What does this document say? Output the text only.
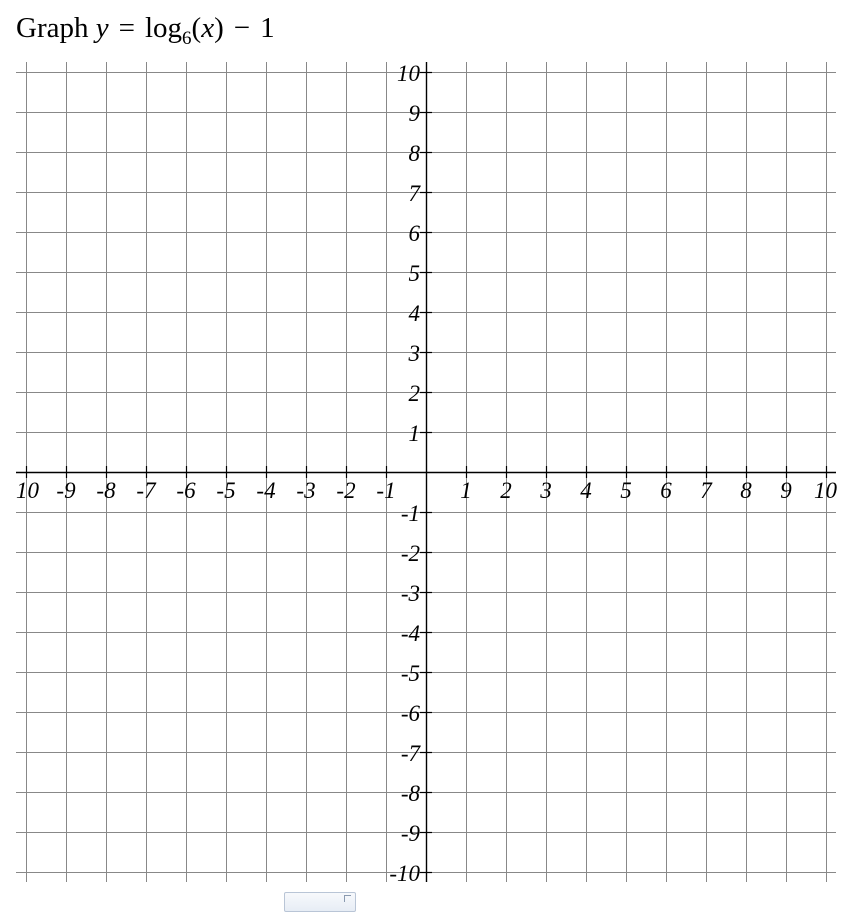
Graph $y = \log_6(x) - 1$
10 -9 -8 -7 -6 -5 -4 -3 -2 -1	1 2 3 4 5 6 7 8 9 10
10
9
8
7
6
5
4
3
2
1
-1
-2
-3
-4
-5
-6
-7
-8
-9
-10
